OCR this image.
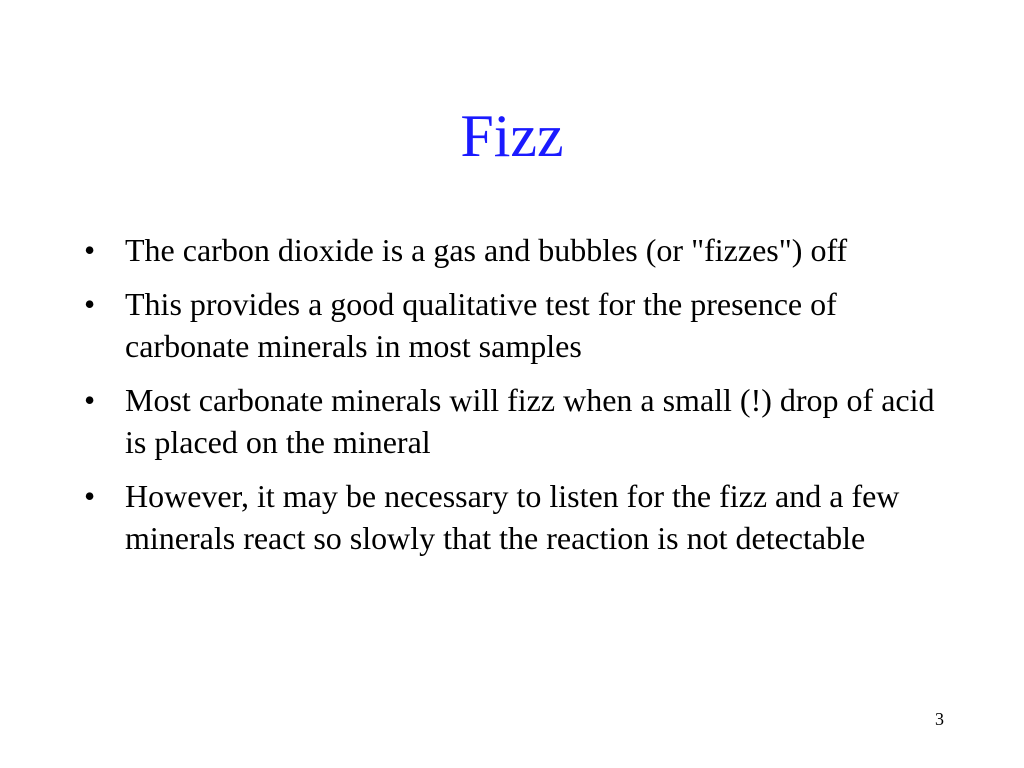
Fizz
• The carbon dioxide is a gas and bubbles (or "fizzes") off
• This provides a good qualitative test for the presence of carbonate minerals in most samples
• Most carbonate minerals will fizz when a small (!) drop of acid is placed on the mineral
• However, it may be necessary to listen for the fizz and a few minerals react so slowly that the reaction is not detectable
3
